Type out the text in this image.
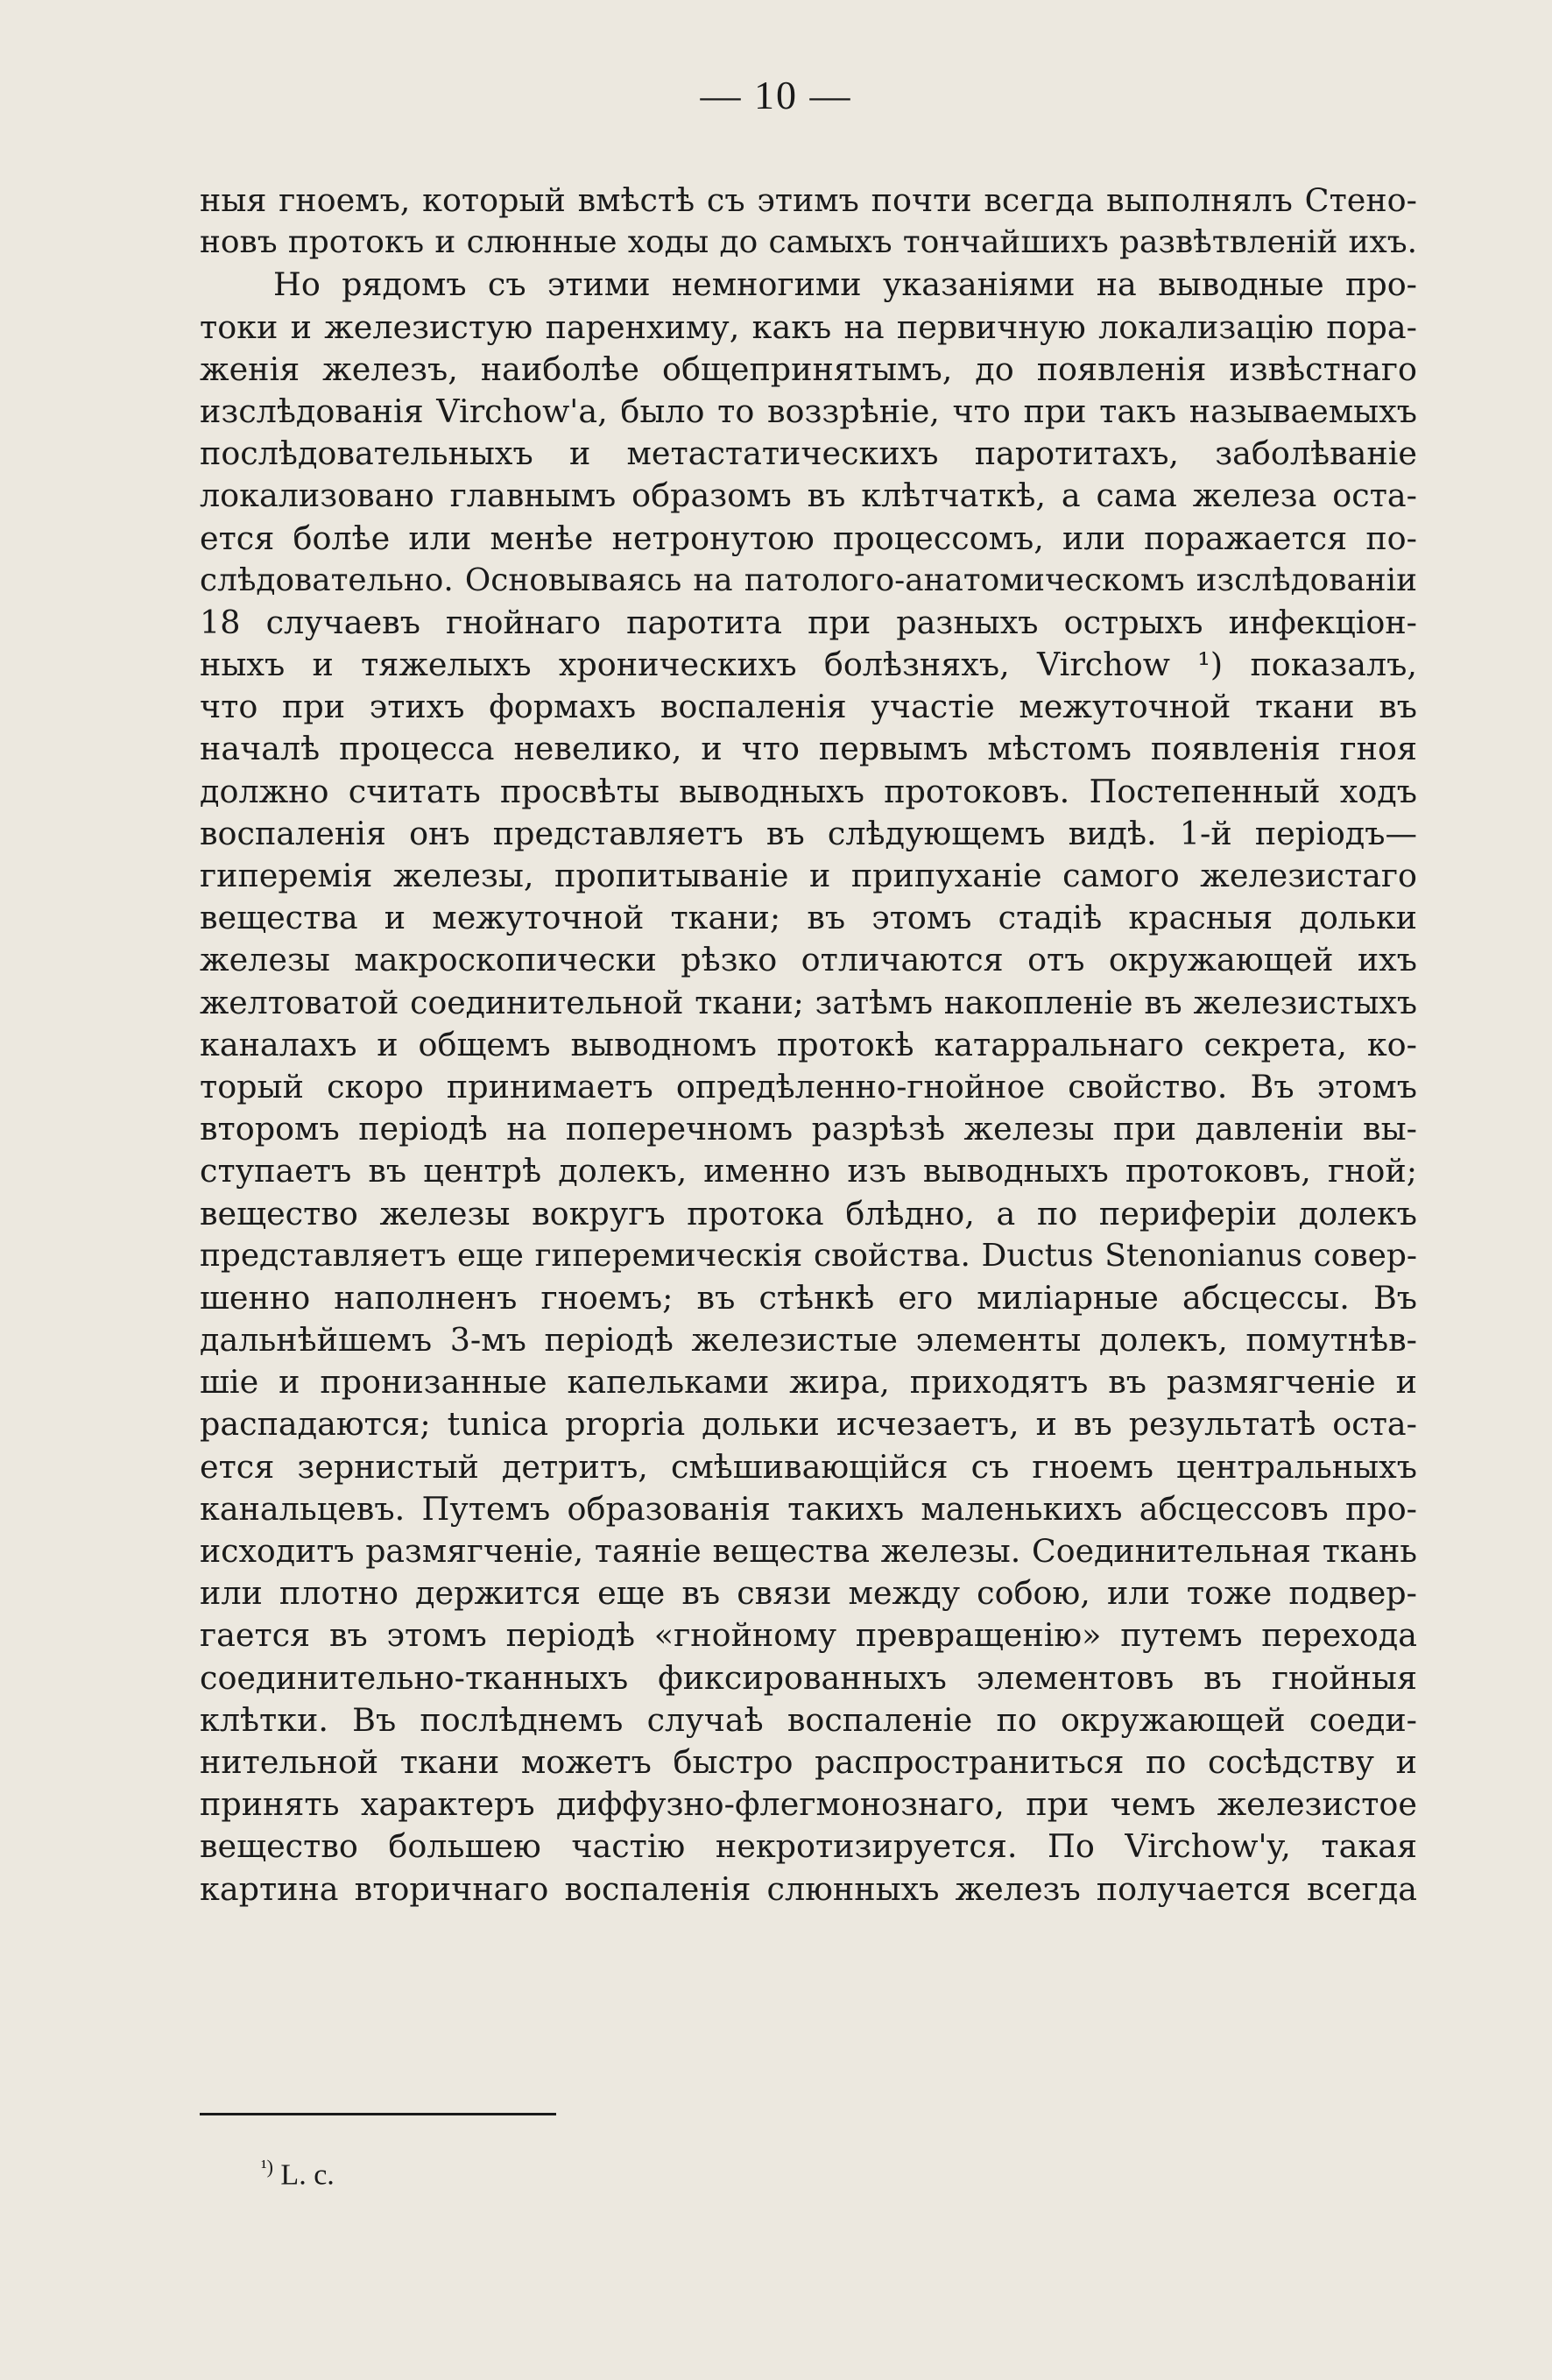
— 10 —
ныя гноемъ, который вмѣстѣ съ этимъ почти всегда выполнялъ Стено-
новъ протокъ и слюнные ходы до самыхъ тончайшихъ развѣтвленій ихъ.
Но рядомъ съ этими немногими указаніями на выводные про-
токи и железистую паренхиму, какъ на первичную локализацію пора-
женія железъ, наиболѣе общепринятымъ, до появленія извѣстнаго
изслѣдованія Virchow'a, было то воззрѣніе, что при такъ называемыхъ
послѣдовательныхъ и метастатическихъ паротитахъ, заболѣваніе
локализовано главнымъ образомъ въ клѣтчаткѣ, а сама железа оста-
ется болѣе или менѣе нетронутою процессомъ, или поражается по-
слѣдовательно. Основываясь на патолого-анатомическомъ изслѣдованіи
18 случаевъ гнойнаго паротита при разныхъ острыхъ инфекціон-
ныхъ и тяжелыхъ хроническихъ болѣзняхъ, Virchow ¹) показалъ,
что при этихъ формахъ воспаленія участіе межуточной ткани въ
началѣ процесса невелико, и что первымъ мѣстомъ появленія гноя
должно считать просвѣты выводныхъ протоковъ. Постепенный ходъ
воспаленія онъ представляетъ въ слѣдующемъ видѣ. 1-й періодъ—
гиперемія железы, пропитываніе и припуханіе самого железистаго
вещества и межуточной ткани; въ этомъ стадіѣ красныя дольки
железы макроскопически рѣзко отличаются отъ окружающей ихъ
желтоватой соединительной ткани; затѣмъ накопленіе въ железистыхъ
каналахъ и общемъ выводномъ протокѣ катарральнаго секрета, ко-
торый скоро принимаетъ опредѣленно-гнойное свойство. Въ этомъ
второмъ періодѣ на поперечномъ разрѣзѣ железы при давленіи вы-
ступаетъ въ центрѣ долекъ, именно изъ выводныхъ протоковъ, гной;
вещество железы вокругъ протока блѣдно, а по периферіи долекъ
представляетъ еще гиперемическія свойства. Ductus Stenonianus совер-
шенно наполненъ гноемъ; въ стѣнкѣ его миліарные абсцессы. Въ
дальнѣйшемъ 3-мъ періодѣ железистые элементы долекъ, помутнѣв-
шіе и пронизанные капельками жира, приходятъ въ размягченіе и
распадаются; tunica propria дольки исчезаетъ, и въ результатѣ оста-
ется зернистый детритъ, смѣшивающійся съ гноемъ центральныхъ
канальцевъ. Путемъ образованія такихъ маленькихъ абсцессовъ про-
исходитъ размягченіе, таяніе вещества железы. Соединительная ткань
или плотно держится еще въ связи между собою, или тоже подвер-
гается въ этомъ періодѣ «гнойному превращенію» путемъ перехода
соединительно-тканныхъ фиксированныхъ элементовъ въ гнойныя
клѣтки. Въ послѣднемъ случаѣ воспаленіе по окружающей соеди-
нительной ткани можетъ быстро распространиться по сосѣдству и
принять характеръ диффузно-флегмонознаго, при чемъ железистое
вещество большею частію некротизируется. По Virchow'y, такая
картина вторичнаго воспаленія слюнныхъ железъ получается всегда
$^{^1)}$ L. c.
